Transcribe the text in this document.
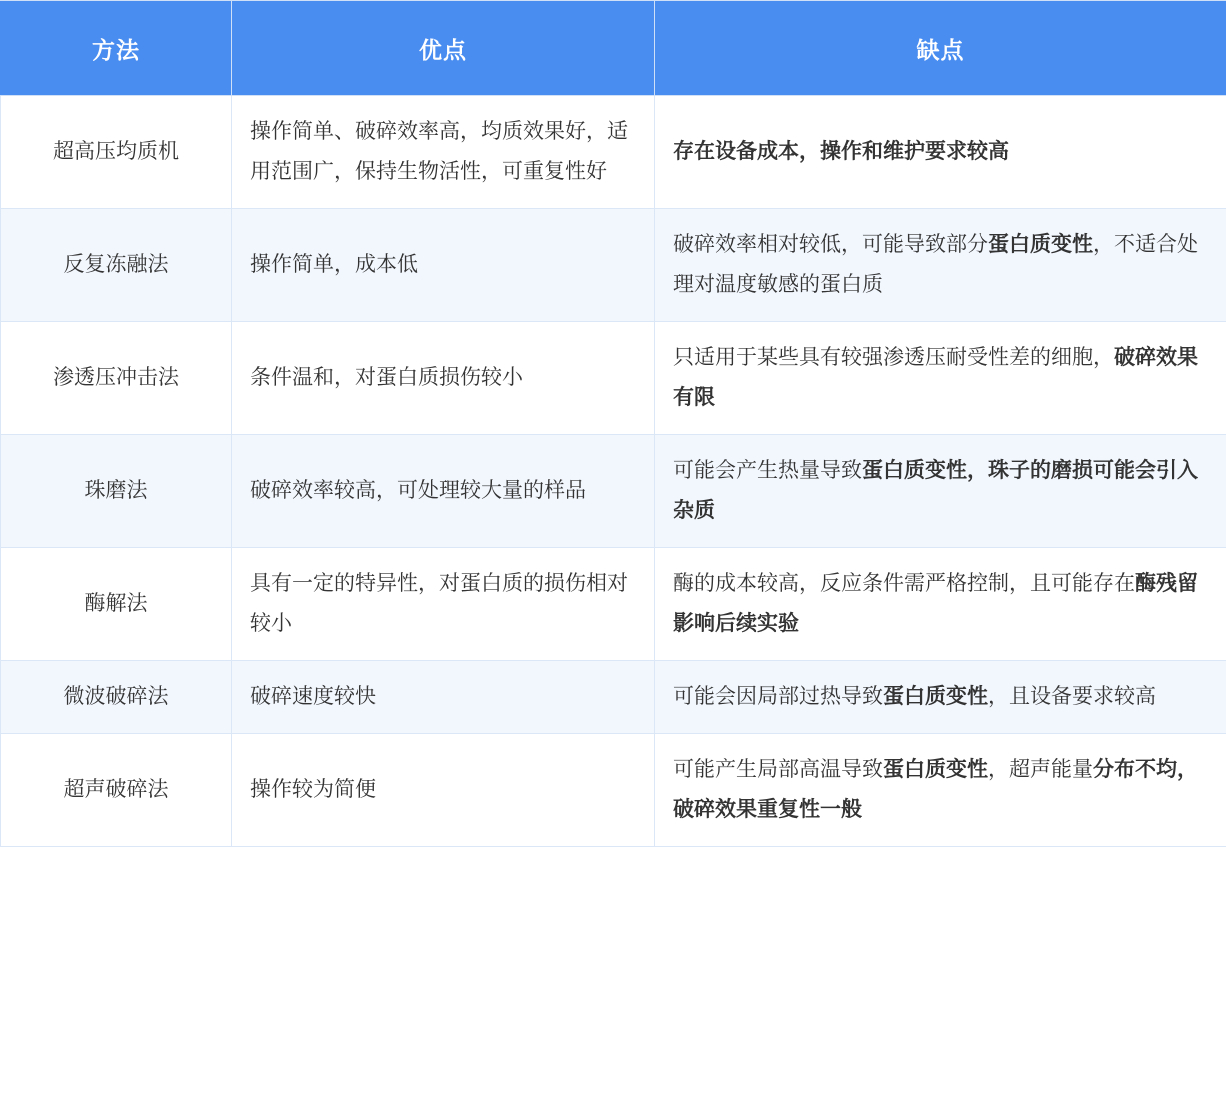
方法	优点	缺点
超高压均质机	操作简单、破碎效率高，均质效果好，适用范围广，保持生物活性，可重复性好	存在设备成本，操作和维护要求较高
反复冻融法	操作简单，成本低	破碎效率相对较低，可能导致部分蛋白质变性，不适合处理对温度敏感的蛋白质
渗透压冲击法	条件温和，对蛋白质损伤较小	只适用于某些具有较强渗透压耐受性差的细胞，破碎效果有限
珠磨法	破碎效率较高，可处理较大量的样品	可能会产生热量导致蛋白质变性，珠子的磨损可能会引入杂质
酶解法	具有一定的特异性，对蛋白质的损伤相对较小	酶的成本较高，反应条件需严格控制，且可能存在酶残留影响后续实验
微波破碎法	破碎速度较快	可能会因局部过热导致蛋白质变性，且设备要求较高
超声破碎法	操作较为简便	可能产生局部高温导致蛋白质变性，超声能量分布不均，破碎效果重复性一般
